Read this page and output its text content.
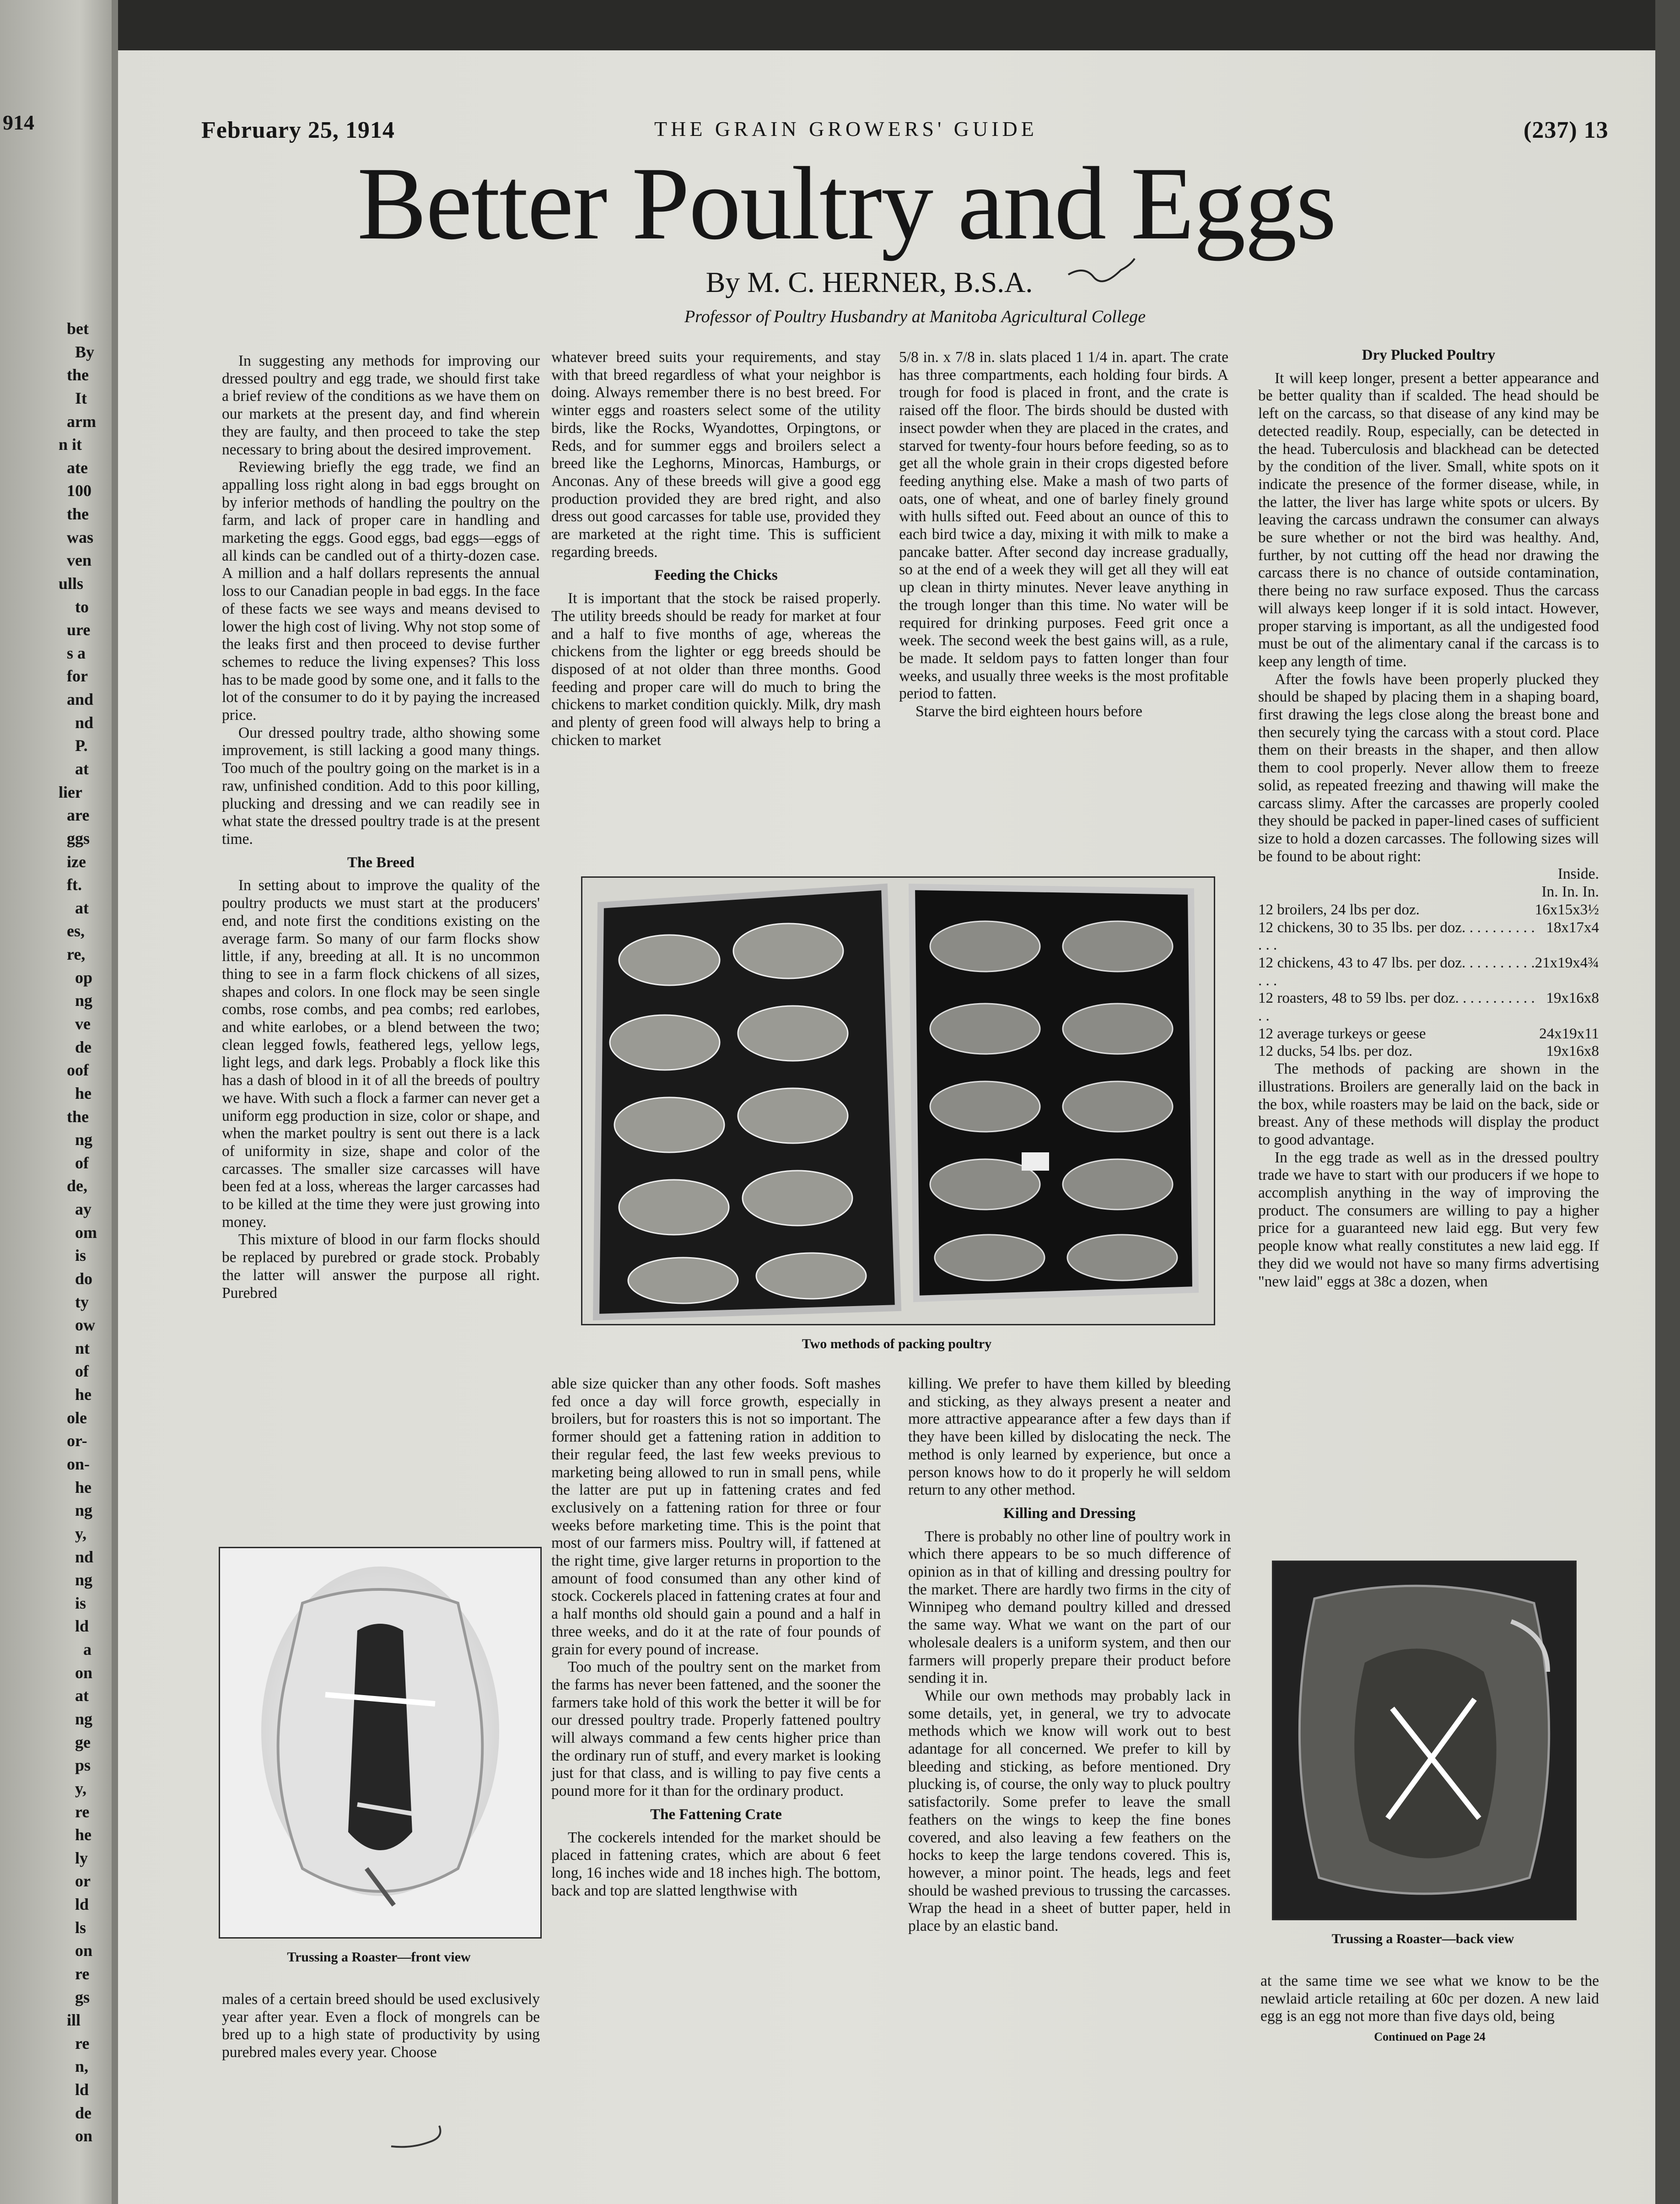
914
bet
By
the
It
arm
n it
ate
100
the
was
ven
ulls
to
ure
s a
for
and
nd
P.
at
lier
are
ggs
ize
ft.
at
es,
re,
op
ng
ve
de
oof
he
the
ng
of
de,
ay
om
is
do
ty
ow
nt
of
he
ole
or-
on-
he
ng
y,
nd
ng
is
ld
a
on
at
ng
ge
ps
y,
re
he
ly
or
ld
ls
on
re
gs
ill
re
n,
ld
de
on
February 25, 1914	THE GRAIN GROWERS' GUIDE	(237) 13
Better Poultry and Eggs
By M. C. HERNER, B.S.A.
Professor of Poultry Husbandry at Manitoba Agricultural College

In suggesting any methods for improving our dressed poultry and egg trade, we should first take a brief review of the conditions as we have them on our markets at the present day, and find wherein they are faulty, and then proceed to take the step necessary to bring about the desired improvement.

Reviewing briefly the egg trade, we find an appalling loss right along in bad eggs brought on by inferior methods of handling the poultry on the farm, and lack of proper care in handling and marketing the eggs. Good eggs, bad eggs—eggs of all kinds can be candled out of a thirty-dozen case. A million and a half dollars represents the annual loss to our Canadian people in bad eggs. In the face of these facts we see ways and means devised to lower the high cost of living. Why not stop some of the leaks first and then proceed to devise further schemes to reduce the living expenses? This loss has to be made good by some one, and it falls to the lot of the consumer to do it by paying the increased price.

Our dressed poultry trade, altho showing some improvement, is still lacking a good many things. Too much of the poultry going on the market is in a raw, unfinished condition. Add to this poor killing, plucking and dressing and we can readily see in what state the dressed poultry trade is at the present time.

The Breed

In setting about to improve the quality of the poultry products we must start at the producers' end, and note first the conditions existing on the average farm. So many of our farm flocks show little, if any, breeding at all. It is no uncommon thing to see in a farm flock chickens of all sizes, shapes and colors. In one flock may be seen single combs, rose combs, and pea combs; red earlobes, and white earlobes, or a blend between the two; clean legged fowls, feathered legs, yellow legs, light legs, and dark legs. Probably a flock like this has a dash of blood in it of all the breeds of poultry we have. With such a flock a farmer can never get a uniform egg production in size, color or shape, and when the market poultry is sent out there is a lack of uniformity in size, shape and color of the carcasses. The smaller size carcasses will have been fed at a loss, whereas the larger carcasses had to be killed at the time they were just growing into money.

This mixture of blood in our farm flocks should be replaced by purebred or grade stock. Probably the latter will answer the purpose all right. Purebred

Trussing a Roaster—front view

males of a certain breed should be used exclusively year after year. Even a flock of mongrels can be bred up to a high state of productivity by using purebred males every year. Choose

whatever breed suits your requirements, and stay with that breed regardless of what your neighbor is doing. Always remember there is no best breed. For winter eggs and roasters select some of the utility birds, like the Rocks, Wyandottes, Orpingtons, or Reds, and for summer eggs and broilers select a breed like the Leghorns, Minorcas, Hamburgs, or Anconas. Any of these breeds will give a good egg production provided they are bred right, and also dress out good carcasses for table use, provided they are marketed at the right time. This is sufficient regarding breeds.

Feeding the Chicks

It is important that the stock be raised properly. The utility breeds should be ready for market at four and a half to five months of age, whereas the chickens from the lighter or egg breeds should be disposed of at not older than three months. Good feeding and proper care will do much to bring the chickens to market condition quickly. Milk, dry mash and plenty of green food will always help to bring a chicken to market

Two methods of packing poultry

able size quicker than any other foods. Soft mashes fed once a day will force growth, especially in broilers, but for roasters this is not so important. The former should get a fattening ration in addition to their regular feed, the last few weeks previous to marketing being allowed to run in small pens, while the latter are put up in fattening crates and fed exclusively on a fattening ration for three or four weeks before marketing time. This is the point that most of our farmers miss. Poultry will, if fattened at the right time, give larger returns in proportion to the amount of food consumed than any other kind of stock. Cockerels placed in fattening crates at four and a half months old should gain a pound and a half in three weeks, and do it at the rate of four pounds of grain for every pound of increase.

Too much of the poultry sent on the market from the farms has never been fattened, and the sooner the farmers take hold of this work the better it will be for our dressed poultry trade. Properly fattened poultry will always command a few cents higher price than the ordinary run of stuff, and every market is looking just for that class, and is willing to pay five cents a pound more for it than for the ordinary product.

The Fattening Crate

The cockerels intended for the market should be placed in fattening crates, which are about 6 feet long, 16 inches wide and 18 inches high. The bottom, back and top are slatted lengthwise with

5/8 in. x 7/8 in. slats placed 1 1/4 in. apart. The crate has three compartments, each holding four birds. A trough for food is placed in front, and the crate is raised off the floor. The birds should be dusted with insect powder when they are placed in the crates, and starved for twenty-four hours before feeding, so as to get all the whole grain in their crops digested before feeding anything else. Make a mash of two parts of oats, one of wheat, and one of barley finely ground with hulls sifted out. Feed about an ounce of this to each bird twice a day, mixing it with milk to make a pancake batter. After second day increase gradually, so at the end of a week they will get all they will eat up clean in thirty minutes. Never leave anything in the trough longer than this time. No water will be required for drinking purposes. Feed grit once a week. The second week the best gains will, as a rule, be made. It seldom pays to fatten longer than four weeks, and usually three weeks is the most profitable period to fatten.

Starve the bird eighteen hours before

killing. We prefer to have them killed by bleeding and sticking, as they always present a neater and more attractive appearance after a few days than if they have been killed by dislocating the neck. The method is only learned by experience, but once a person knows how to do it properly he will seldom return to any other method.

Killing and Dressing

There is probably no other line of poultry work in which there appears to be so much difference of opinion as in that of killing and dressing poultry for the market. There are hardly two firms in the city of Winnipeg who demand poultry killed and dressed the same way. What we want on the part of our wholesale dealers is a uniform system, and then our farmers will properly prepare their product before sending it in.

While our own methods may probably lack in some details, yet, in general, we try to advocate methods which we know will work out to best adantage for all concerned. We prefer to kill by bleeding and sticking, as before mentioned. Dry plucking is, of course, the only way to pluck poultry satisfactorily. Some prefer to leave the small feathers on the wings to keep the fine bones covered, and also leaving a few feathers on the hocks to keep the large tendons covered. This is, however, a minor point. The heads, legs and feet should be washed previous to trussing the carcasses. Wrap the head in a sheet of butter paper, held in place by an elastic band.

Dry Plucked Poultry

It will keep longer, present a better appearance and be better quality than if scalded. The head should be left on the carcass, so that disease of any kind may be detected readily. Roup, especially, can be detected in the head. Tuberculosis and blackhead can be detected by the condition of the liver. Small, white spots on it indicate the presence of the former disease, while, in the latter, the liver has large white spots or ulcers. By leaving the carcass undrawn the consumer can always be sure whether or not the bird was healthy. And, further, by not cutting off the head nor drawing the carcass there is no chance of outside contamination, there being no raw surface exposed. Thus the carcass will always keep longer if it is sold intact. However, proper starving is important, as all the undigested food must be out of the alimentary canal if the carcass is to keep any length of time.

After the fowls have been properly plucked they should be shaped by placing them in a shaping board, first drawing the legs close along the breast bone and then securely tying the carcass with a stout cord. Place them on their breasts in the shaper, and then allow them to cool properly. Never allow them to freeze solid, as repeated freezing and thawing will make the carcass slimy. After the carcasses are properly cooled they should be packed in paper-lined cases of sufficient size to hold a dozen carcasses. The following sizes will be found to be about right:

Inside.

In. In. In.

12 broilers, 24 lbs per doz.	16x15x3½
12 chickens, 30 to 35 lbs. per doz. . . . . . . . . . . . .	18x17x4
12 chickens, 43 to 47 lbs. per doz. . . . . . . . . . . . .	21x19x4¾
12 roasters, 48 to 59 lbs. per doz. . . . . . . . . . . . .	19x16x8
12 average turkeys or geese	24x19x11
12 ducks, 54 lbs. per doz.	19x16x8

The methods of packing are shown in the illustrations. Broilers are generally laid on the back in the box, while roasters may be laid on the back, side or breast. Any of these methods will display the product to good advantage.

In the egg trade as well as in the dressed poultry trade we have to start with our producers if we hope to accomplish anything in the way of improving the product. The consumers are willing to pay a higher price for a guaranteed new laid egg. But very few people know what really constitutes a new laid egg. If they did we would not have so many firms advertising "new laid" eggs at 38c a dozen, when

Trussing a Roaster—back view

at the same time we see what we know to be the newlaid article retailing at 60c per dozen. A new laid egg is an egg not more than five days old, being

Continued on Page 24
